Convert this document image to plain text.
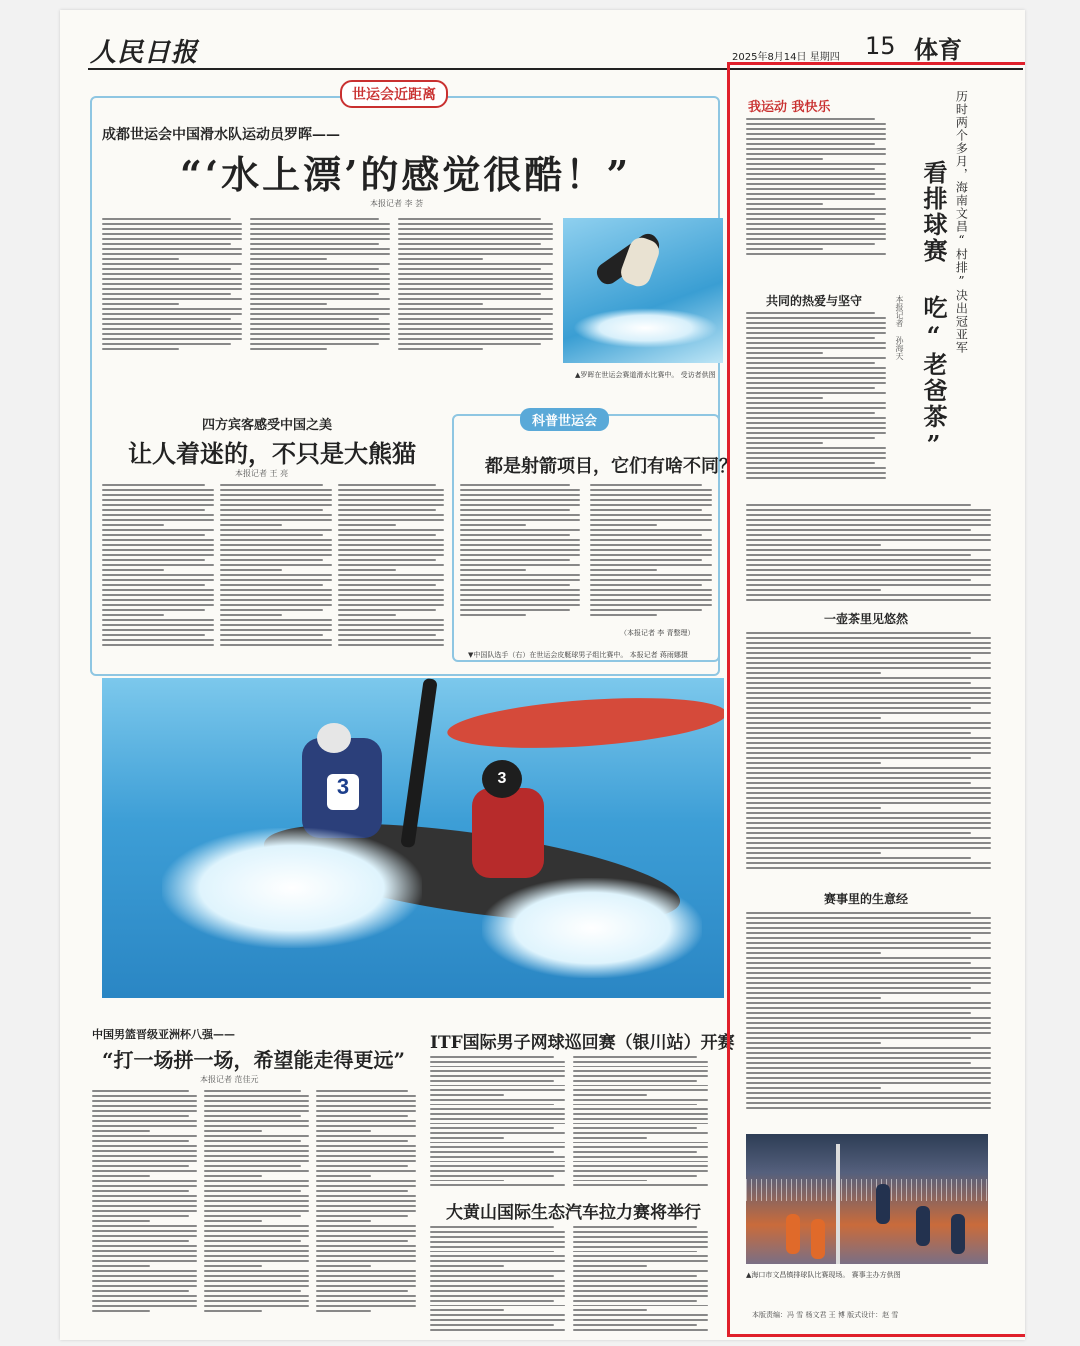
人民日报	2025年8月14日 星期四 15 体育
世运会近距离
成都世运会中国滑水队运动员罗晖——
“‘水上漂’的感觉很酷！”
本报记者 李 荟
▲罗晖在世运会赛道滑水比赛中。 受访者供图
四方宾客感受中国之美
让人着迷的，不只是大熊猫
本报记者 王 亮
科普世运会
都是射箭项目，它们有啥不同？
（本报记者 李 青整理）
▼中国队选手（右）在世运会皮艇球男子组比赛中。 本报记者 蒋雨娜摄
3	3
中国男篮晋级亚洲杯八强——
“打一场拼一场，希望能走得更远”
本报记者 范佳元
ITF国际男子网球巡回赛（银川站）开赛
大黄山国际生态汽车拉力赛将举行
我运动 我快乐	历时两个多月，海南文昌“村排”决出冠亚军
看排球赛 吃“老爸茶”
本报记者 孙海天
共同的热爱与坚守
一壶茶里见悠然
赛事里的生意经
▲海口市文昌镇排球队比赛现场。 赛事主办方供图
本版责编：冯 雪 杨文君 王 博 版式设计：赵 雪
